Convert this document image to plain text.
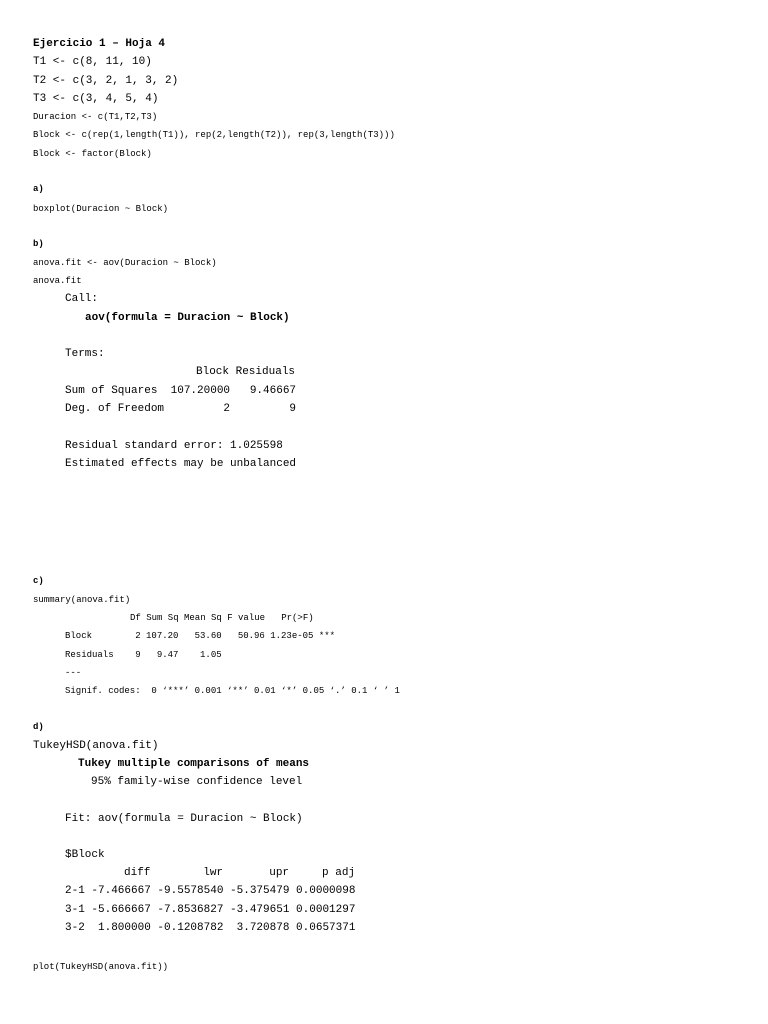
Ejercicio 1 – Hoja 4
T1 <- c(8, 11, 10)
T2 <- c(3, 2, 1, 3, 2)
T3 <- c(3, 4, 5, 4)
Duracion <- c(T1,T2,T3)
Block <- c(rep(1,length(T1)), rep(2,length(T2)), rep(3,length(T3)))
Block <- factor(Block)
a)
boxplot(Duracion ~ Block)
b)
anova.fit <- aov(Duracion ~ Block)
anova.fit
Call:
aov(formula = Duracion ~ Block)
Terms:
Block Residuals
Sum of Squares  107.20000   9.46667
Deg. of Freedom         2         9
Residual standard error: 1.025598
Estimated effects may be unbalanced
c)
summary(anova.fit)
Df Sum Sq Mean Sq F value   Pr(>F)
Block        2 107.20   53.60   50.96 1.23e-05 ***
Residuals    9   9.47    1.05
---
Signif. codes:  0 ‘***’ 0.001 ‘**’ 0.01 ‘*’ 0.05 ‘.’ 0.1 ‘ ’ 1
d)
TukeyHSD(anova.fit)
Tukey multiple comparisons of means
95% family-wise confidence level
Fit: aov(formula = Duracion ~ Block)
$Block
diff        lwr       upr     p adj
2-1 -7.466667 -9.5578540 -5.375479 0.0000098
3-1 -5.666667 -7.8536827 -3.479651 0.0001297
3-2  1.800000 -0.1208782  3.720878 0.0657371
plot(TukeyHSD(anova.fit))
